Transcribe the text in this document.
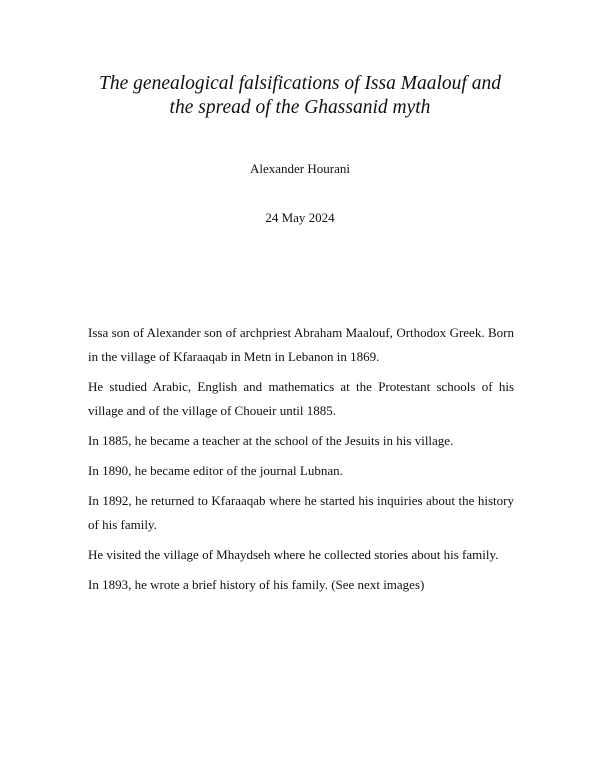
The genealogical falsifications of Issa Maalouf and
the spread of the Ghassanid myth
Alexander Hourani
24 May 2024

Issa son of Alexander son of archpriest Abraham Maalouf, Orthodox Greek. Born in the village of Kfaraaqab in Metn in Lebanon in 1869.

He studied Arabic, English and mathematics at the Protestant schools of his village and of the village of Choueir until 1885.

In 1885, he became a teacher at the school of the Jesuits in his village.

In 1890, he became editor of the journal Lubnan.

In 1892, he returned to Kfaraaqab where he started his inquiries about the history of his family.

He visited the village of Mhaydseh where he collected stories about his family.

In 1893, he wrote a brief history of his family. (See next images)
